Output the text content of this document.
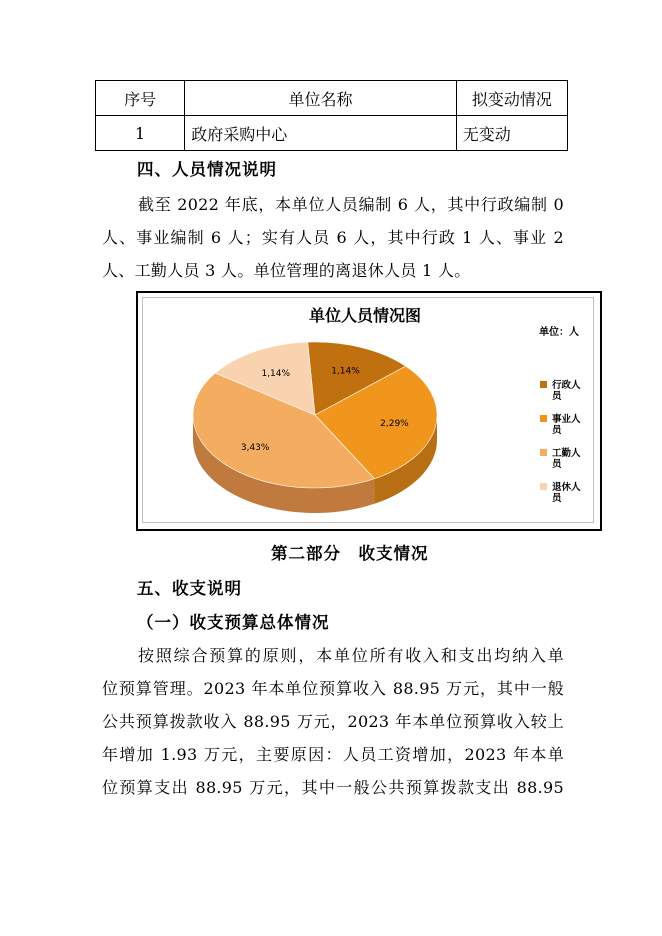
序号	单位名称	拟变动情况
1	政府采购中心	无变动
四、人员情况说明
截至 2022 年底，本单位人员编制 6 人，其中行政编制 0
人、事业编制 6 人；实有人员 6 人，其中行政 1 人、事业 2
人、工勤人员 3 人。单位管理的离退休人员 1 人。
单位人员情况图
单位：人
1,14%
2,29%
3,43%
1,14%
行政人
员
事业人
员
工勤人
员
退休人
员
第二部分　收支情况
五、收支说明
（一）收支预算总体情况
按照综合预算的原则，本单位所有收入和支出均纳入单
位预算管理。2023 年本单位预算收入 88.95 万元，其中一般
公共预算拨款收入 88.95 万元，2023 年本单位预算收入较上
年增加 1.93 万元，主要原因：人员工资增加，2023 年本单
位预算支出 88.95 万元，其中一般公共预算拨款支出 88.95
